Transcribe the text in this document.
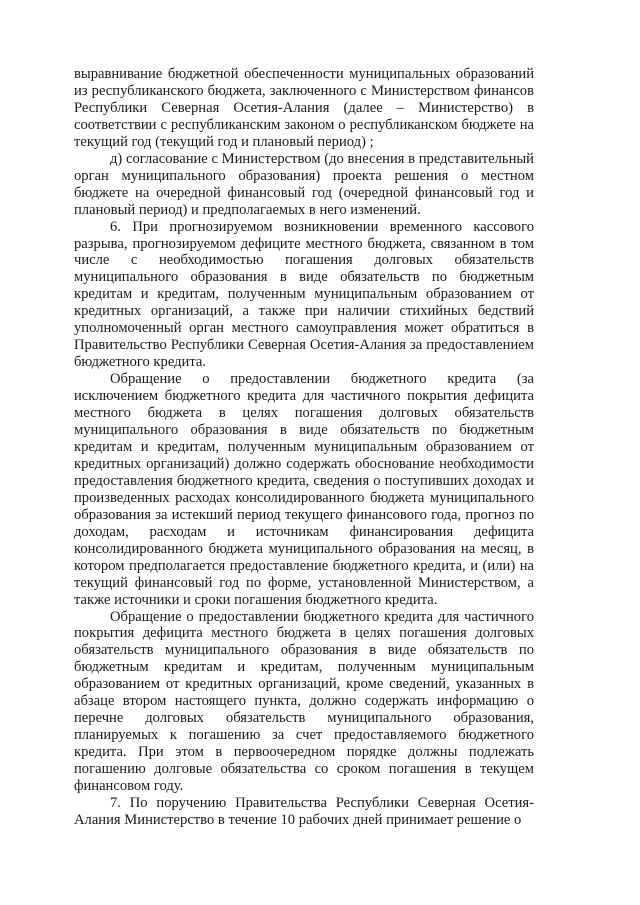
выравнивание бюджетной обеспеченности муниципальных образований из республиканского бюджета, заключенного с Министерством финансов Республики Северная Осетия-Алания (далее – Министерство) в соответствии с республиканским законом о республиканском бюджете на текущий год (текущий год и плановый период) ;

д) согласование с Министерством (до внесения в представительный орган муниципального образования) проекта решения о местном бюджете на очередной финансовый год (очередной финансовый год и плановый период) и предполагаемых в него изменений.

6. При прогнозируемом возникновении временного кассового разрыва, прогнозируемом дефиците местного бюджета, связанном в том числе с необходимостью погашения долговых обязательств муниципального образования в виде обязательств по бюджетным кредитам и кредитам, полученным муниципальным образованием от кредитных организаций, а также при наличии стихийных бедствий уполномоченный орган местного самоуправления может обратиться в Правительство Республики Северная Осетия-Алания за предоставлением бюджетного кредита.

Обращение о предоставлении бюджетного кредита (за исключением бюджетного кредита для частичного покрытия дефицита местного бюджета в целях погашения долговых обязательств муниципального образования в виде обязательств по бюджетным кредитам и кредитам, полученным муниципальным образованием от кредитных организаций) должно содержать обоснование необходимости предоставления бюджетного кредита, сведения о поступивших доходах и произведенных расходах консолидированного бюджета муниципального образования за истекший период текущего финансового года, прогноз по доходам, расходам и источникам финансирования дефицита консолидированного бюджета муниципального образования на месяц, в котором предполагается предоставление бюджетного кредита, и (или) на текущий финансовый год по форме, установленной Министерством, а также источники и сроки погашения бюджетного кредита.

Обращение о предоставлении бюджетного кредита для частичного покрытия дефицита местного бюджета в целях погашения долговых обязательств муниципального образования в виде обязательств по бюджетным кредитам и кредитам, полученным муниципальным образованием от кредитных организаций, кроме сведений, указанных в абзаце втором настоящего пункта, должно содержать информацию о перечне долговых обязательств муниципального образования, планируемых к погашению за счет предоставляемого бюджетного кредита. При этом в первоочередном порядке должны подлежать погашению долговые обязательства со сроком погашения в текущем финансовом году.

7. По поручению Правительства Республики Северная Осетия-Алания Министерство в течение 10 рабочих дней принимает решение о
